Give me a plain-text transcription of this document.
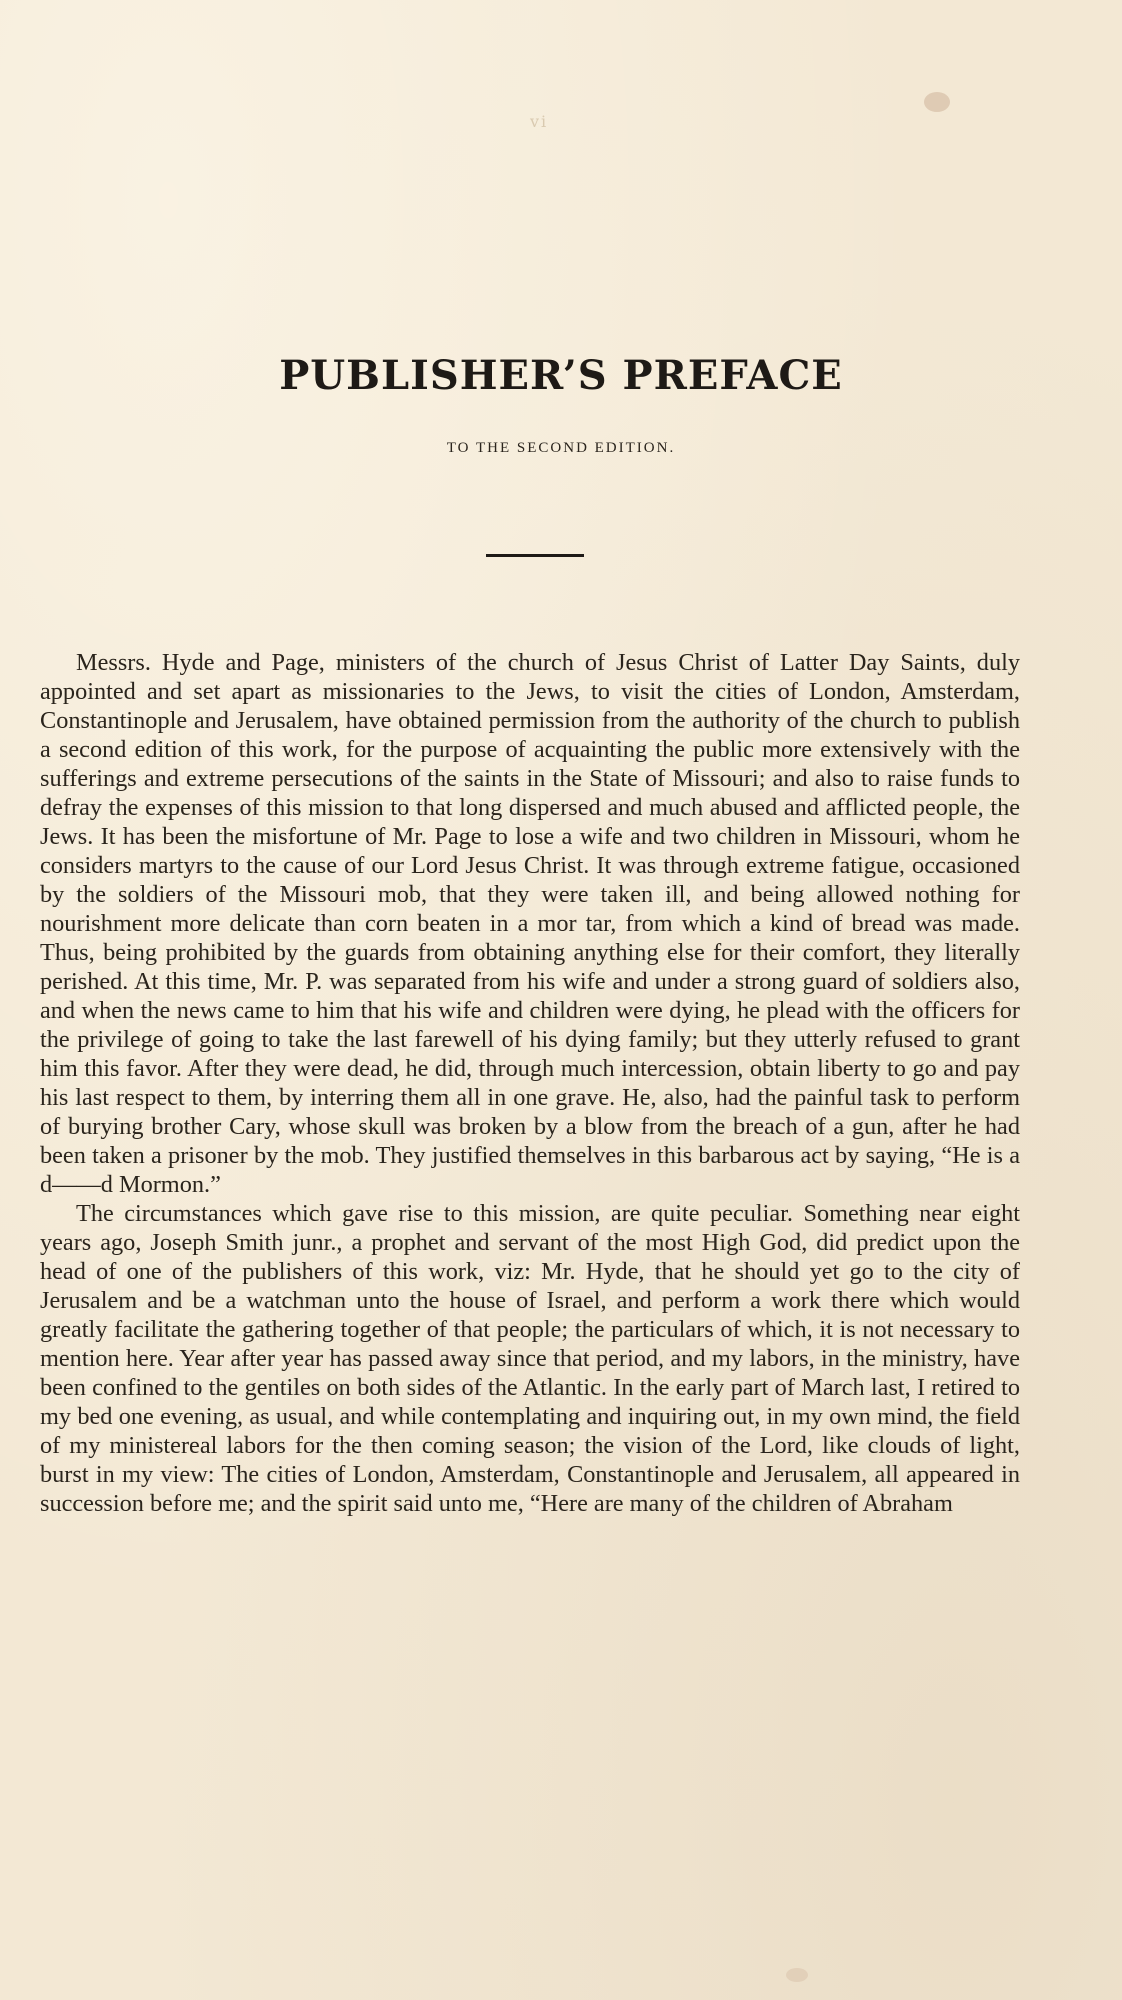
vi
PUBLISHER’S PREFACE
TO THE SECOND EDITION.

Messrs. Hyde and Page, ministers of the church of Jesus Christ of Latter Day Saints, duly appointed and set apart as missionaries to the Jews, to visit the cities of London, Amsterdam, Constantinople and Jerusalem, have obtained permission from the authority of the church to publish a second edition of this work, for the purpose of acquainting the public more extensively with the sufferings and extreme persecutions of the saints in the State of Missouri; and also to raise funds to defray the expenses of this mission to that long dispersed and much abused and afflicted people, the Jews. It has been the misfortune of Mr. Page to lose a wife and two children in Missouri, whom he considers martyrs to the cause of our Lord Jesus Christ. It was through extreme fatigue, occasioned by the soldiers of the Missouri mob, that they were taken ill, and being allowed nothing for nourishment more delicate than corn beaten in a mor tar, from which a kind of bread was made. Thus, being prohibited by the guards from obtaining anything else for their comfort, they literally perished. At this time, Mr. P. was separated from his wife and under a strong guard of soldiers also, and when the news came to him that his wife and children were dying, he plead with the officers for the privilege of going to take the last farewell of his dying family; but they utterly refused to grant him this favor. After they were dead, he did, through much intercession, obtain liberty to go and pay his last respect to them, by interring them all in one grave. He, also, had the painful task to perform of burying brother Cary, whose skull was broken by a blow from the breach of a gun, after he had been taken a prisoner by the mob. They justified themselves in this barbarous act by saying, “He is a d——d Mormon.”

The circumstances which gave rise to this mission, are quite peculiar. Something near eight years ago, Joseph Smith junr., a prophet and servant of the most High God, did predict upon the head of one of the publishers of this work, viz: Mr. Hyde, that he should yet go to the city of Jerusalem and be a watchman unto the house of Israel, and perform a work there which would greatly facilitate the gathering together of that people; the particulars of which, it is not necessary to mention here. Year after year has passed away since that period, and my labors, in the ministry, have been confined to the gentiles on both sides of the Atlantic. In the early part of March last, I retired to my bed one evening, as usual, and while contemplating and inquiring out, in my own mind, the field of my ministereal labors for the then coming season; the vision of the Lord, like clouds of light, burst in my view: The cities of London, Amsterdam, Constantinople and Jerusalem, all appeared in succession before me; and the spirit said unto me, “Here are many of the children of Abraham
